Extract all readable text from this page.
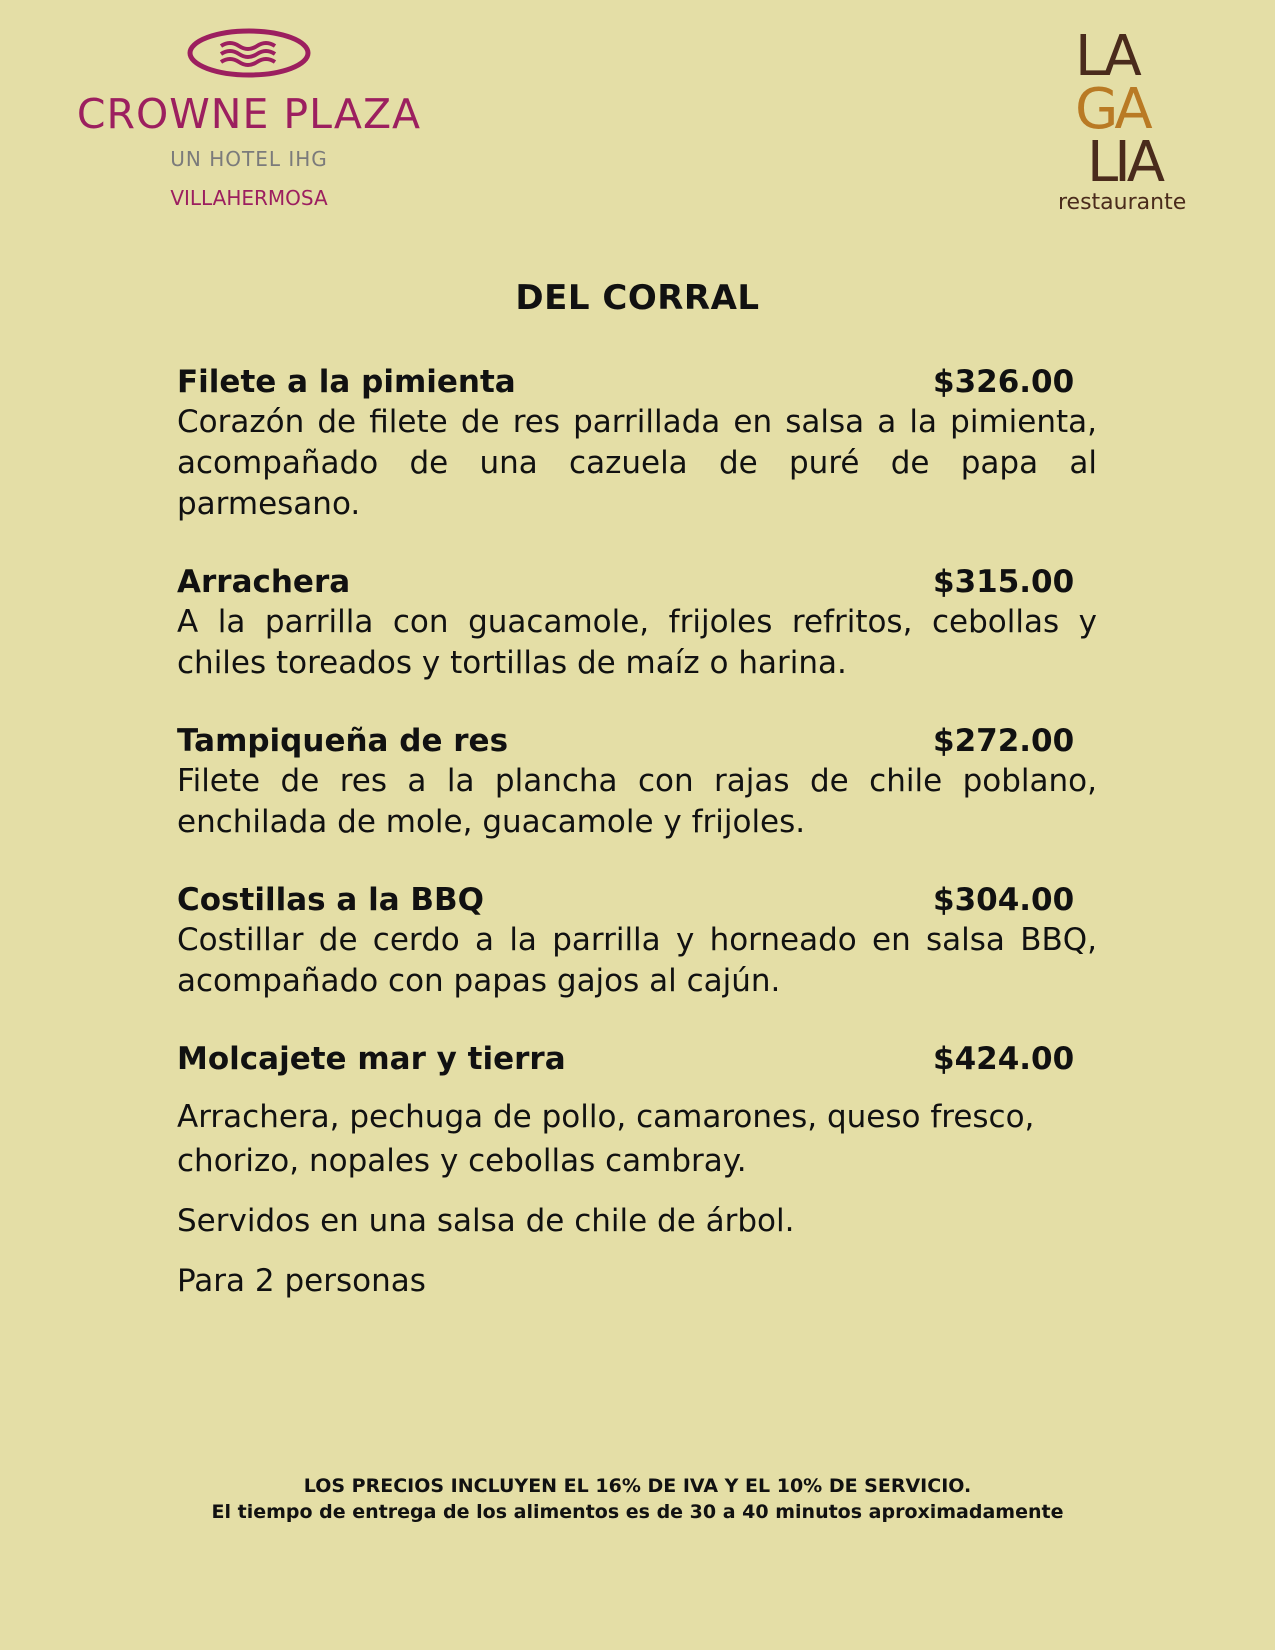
CROWNE PLAZA
UN HOTEL IHG
VILLAHERMOSA
LA
GA
LIA
restaurante
DEL CORRAL
Filete a la pimienta	$326.00

Corazón de filete de res parrillada en salsa a la pimienta, acompañado de una cazuela de puré de papa al parmesano.

Arrachera	$315.00

A la parrilla con guacamole, frijoles refritos, cebollas y chiles toreados y tortillas de maíz o harina.

Tampiqueña de res	$272.00

Filete de res a la plancha con rajas de chile poblano, enchilada de mole, guacamole y frijoles.

Costillas a la BBQ	$304.00

Costillar de cerdo a la parrilla y horneado en salsa BBQ, acompañado con papas gajos al cajún.

Molcajete mar y tierra	$424.00

Arrachera, pechuga de pollo, camarones, queso fresco, chorizo, nopales y cebollas cambray.

Servidos en una salsa de chile de árbol.
Para 2 personas
LOS PRECIOS INCLUYEN EL 16% DE IVA Y EL 10% DE SERVICIO.
El tiempo de entrega de los alimentos es de 30 a 40 minutos aproximadamente
